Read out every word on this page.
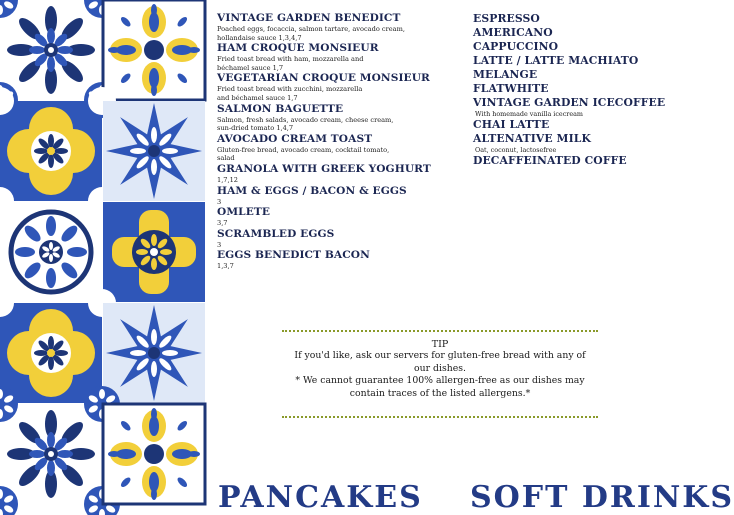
VINTAGE GARDEN BENEDICT
Poached eggs, focaccia, salmon tartare, avocado cream,
hollandaise sauce 1,3,4,7
HAM CROQUE MONSIEUR
Fried toast bread with ham, mozzarella and
béchamel sauce 1,7
VEGETARIAN CROQUE MONSIEUR
Fried toast bread with zucchini, mozzarella
and béchamel sauce 1,7
SALMON BAGUETTE
Salmon, fresh salads, avocado cream, cheese cream,
sun-dried tomato 1,4,7
AVOCADO CREAM TOAST
Gluten-free bread, avocado cream, cocktail tomato,
salad
GRANOLA WITH GREEK YOGHURT
1,7,12
HAM & EGGS / BACON & EGGS
3
OMLETE
3,7
SCRAMBLED EGGS
3
EGGS BENEDICT BACON
1,3,7
ESPRESSO
AMERICANO
CAPPUCCINO
LATTE / LATTE MACHIATO
MELANGE
FLATWHITE
VINTAGE GARDEN ICECOFFEE
With homemade vanilla icecream
CHAI LATTE
ALTENATIVE MILK
Oat, coconut, lactosefree
DECAFFEINATED COFFE
TIP
If you'd like, ask our servers for gluten-free bread with any of our dishes.
* We cannot guarantee 100% allergen-free as our dishes may contain traces of the listed allergens.*
PANCAKES SOFT DRINKS
